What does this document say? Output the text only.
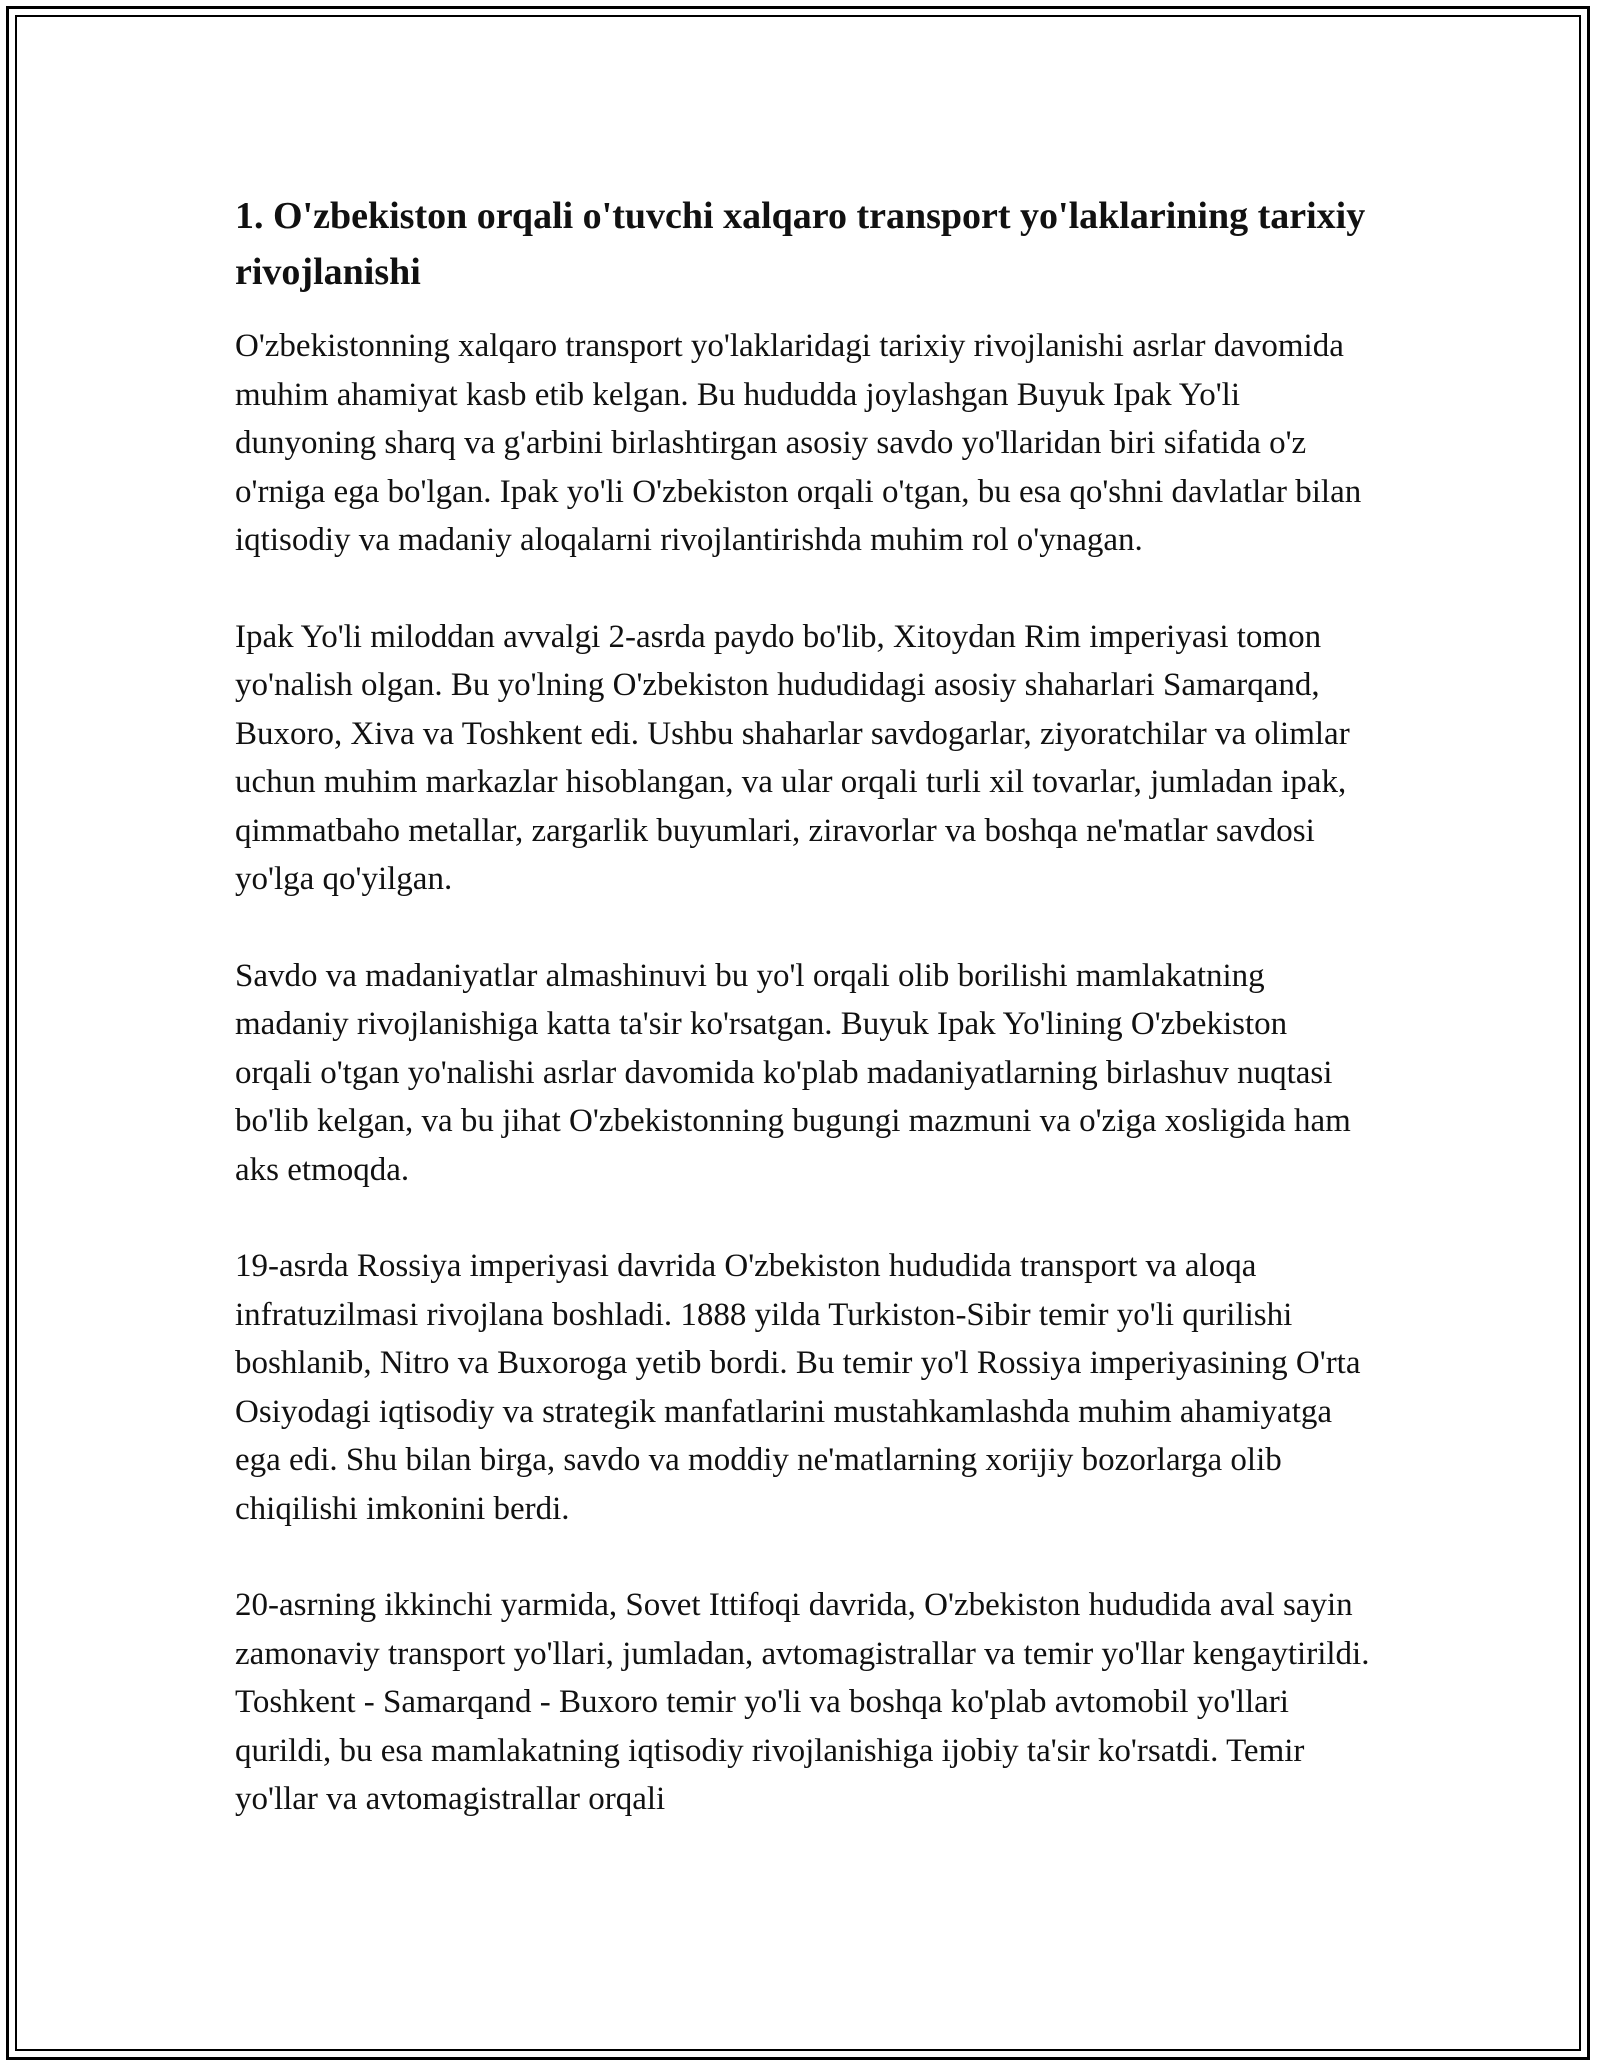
1. O'zbekiston orqali o'tuvchi xalqaro transport yo'laklarining tarixiy rivojlanishi

O'zbekistonning xalqaro transport yo'laklaridagi tarixiy rivojlanishi asrlar davomida muhim ahamiyat kasb etib kelgan. Bu hududda joylashgan Buyuk Ipak Yo'li dunyoning sharq va g'arbini birlashtirgan asosiy savdo yo'llaridan biri sifatida o'z o'rniga ega bo'lgan. Ipak yo'li O'zbekiston orqali o'tgan, bu esa qo'shni davlatlar bilan iqtisodiy va madaniy aloqalarni rivojlantirishda muhim rol o'ynagan.

Ipak Yo'li miloddan avvalgi 2-asrda paydo bo'lib, Xitoydan Rim imperiyasi tomon yo'nalish olgan. Bu yo'lning O'zbekiston hududidagi asosiy shaharlari Samarqand, Buxoro, Xiva va Toshkent edi. Ushbu shaharlar savdogarlar, ziyoratchilar va olimlar uchun muhim markazlar hisoblangan, va ular orqali turli xil tovarlar, jumladan ipak, qimmatbaho metallar, zargarlik buyumlari, ziravorlar va boshqa ne'matlar savdosi yo'lga qo'yilgan.

Savdo va madaniyatlar almashinuvi bu yo'l orqali olib borilishi mamlakatning madaniy rivojlanishiga katta ta'sir ko'rsatgan. Buyuk Ipak Yo'lining O'zbekiston orqali o'tgan yo'nalishi asrlar davomida ko'plab madaniyatlarning birlashuv nuqtasi bo'lib kelgan, va bu jihat O'zbekistonning bugungi mazmuni va o'ziga xosligida ham aks etmoqda.

19-asrda Rossiya imperiyasi davrida O'zbekiston hududida transport va aloqa infratuzilmasi rivojlana boshladi. 1888 yilda Turkiston-Sibir temir yo'li qurilishi boshlanib, Nitro va Buxoroga yetib bordi. Bu temir yo'l Rossiya imperiyasining O'rta Osiyodagi iqtisodiy va strategik manfatlarini mustahkamlashda muhim ahamiyatga ega edi. Shu bilan birga, savdo va moddiy ne'matlarning xorijiy bozorlarga olib chiqilishi imkonini berdi.

20-asrning ikkinchi yarmida, Sovet Ittifoqi davrida, O'zbekiston hududida aval sayin zamonaviy transport yo'llari, jumladan, avtomagistrallar va temir yo'llar kengaytirildi. Toshkent - Samarqand - Buxoro temir yo'li va boshqa ko'plab avtomobil yo'llari qurildi, bu esa mamlakatning iqtisodiy rivojlanishiga ijobiy ta'sir ko'rsatdi. Temir yo'llar va avtomagistrallar orqali
